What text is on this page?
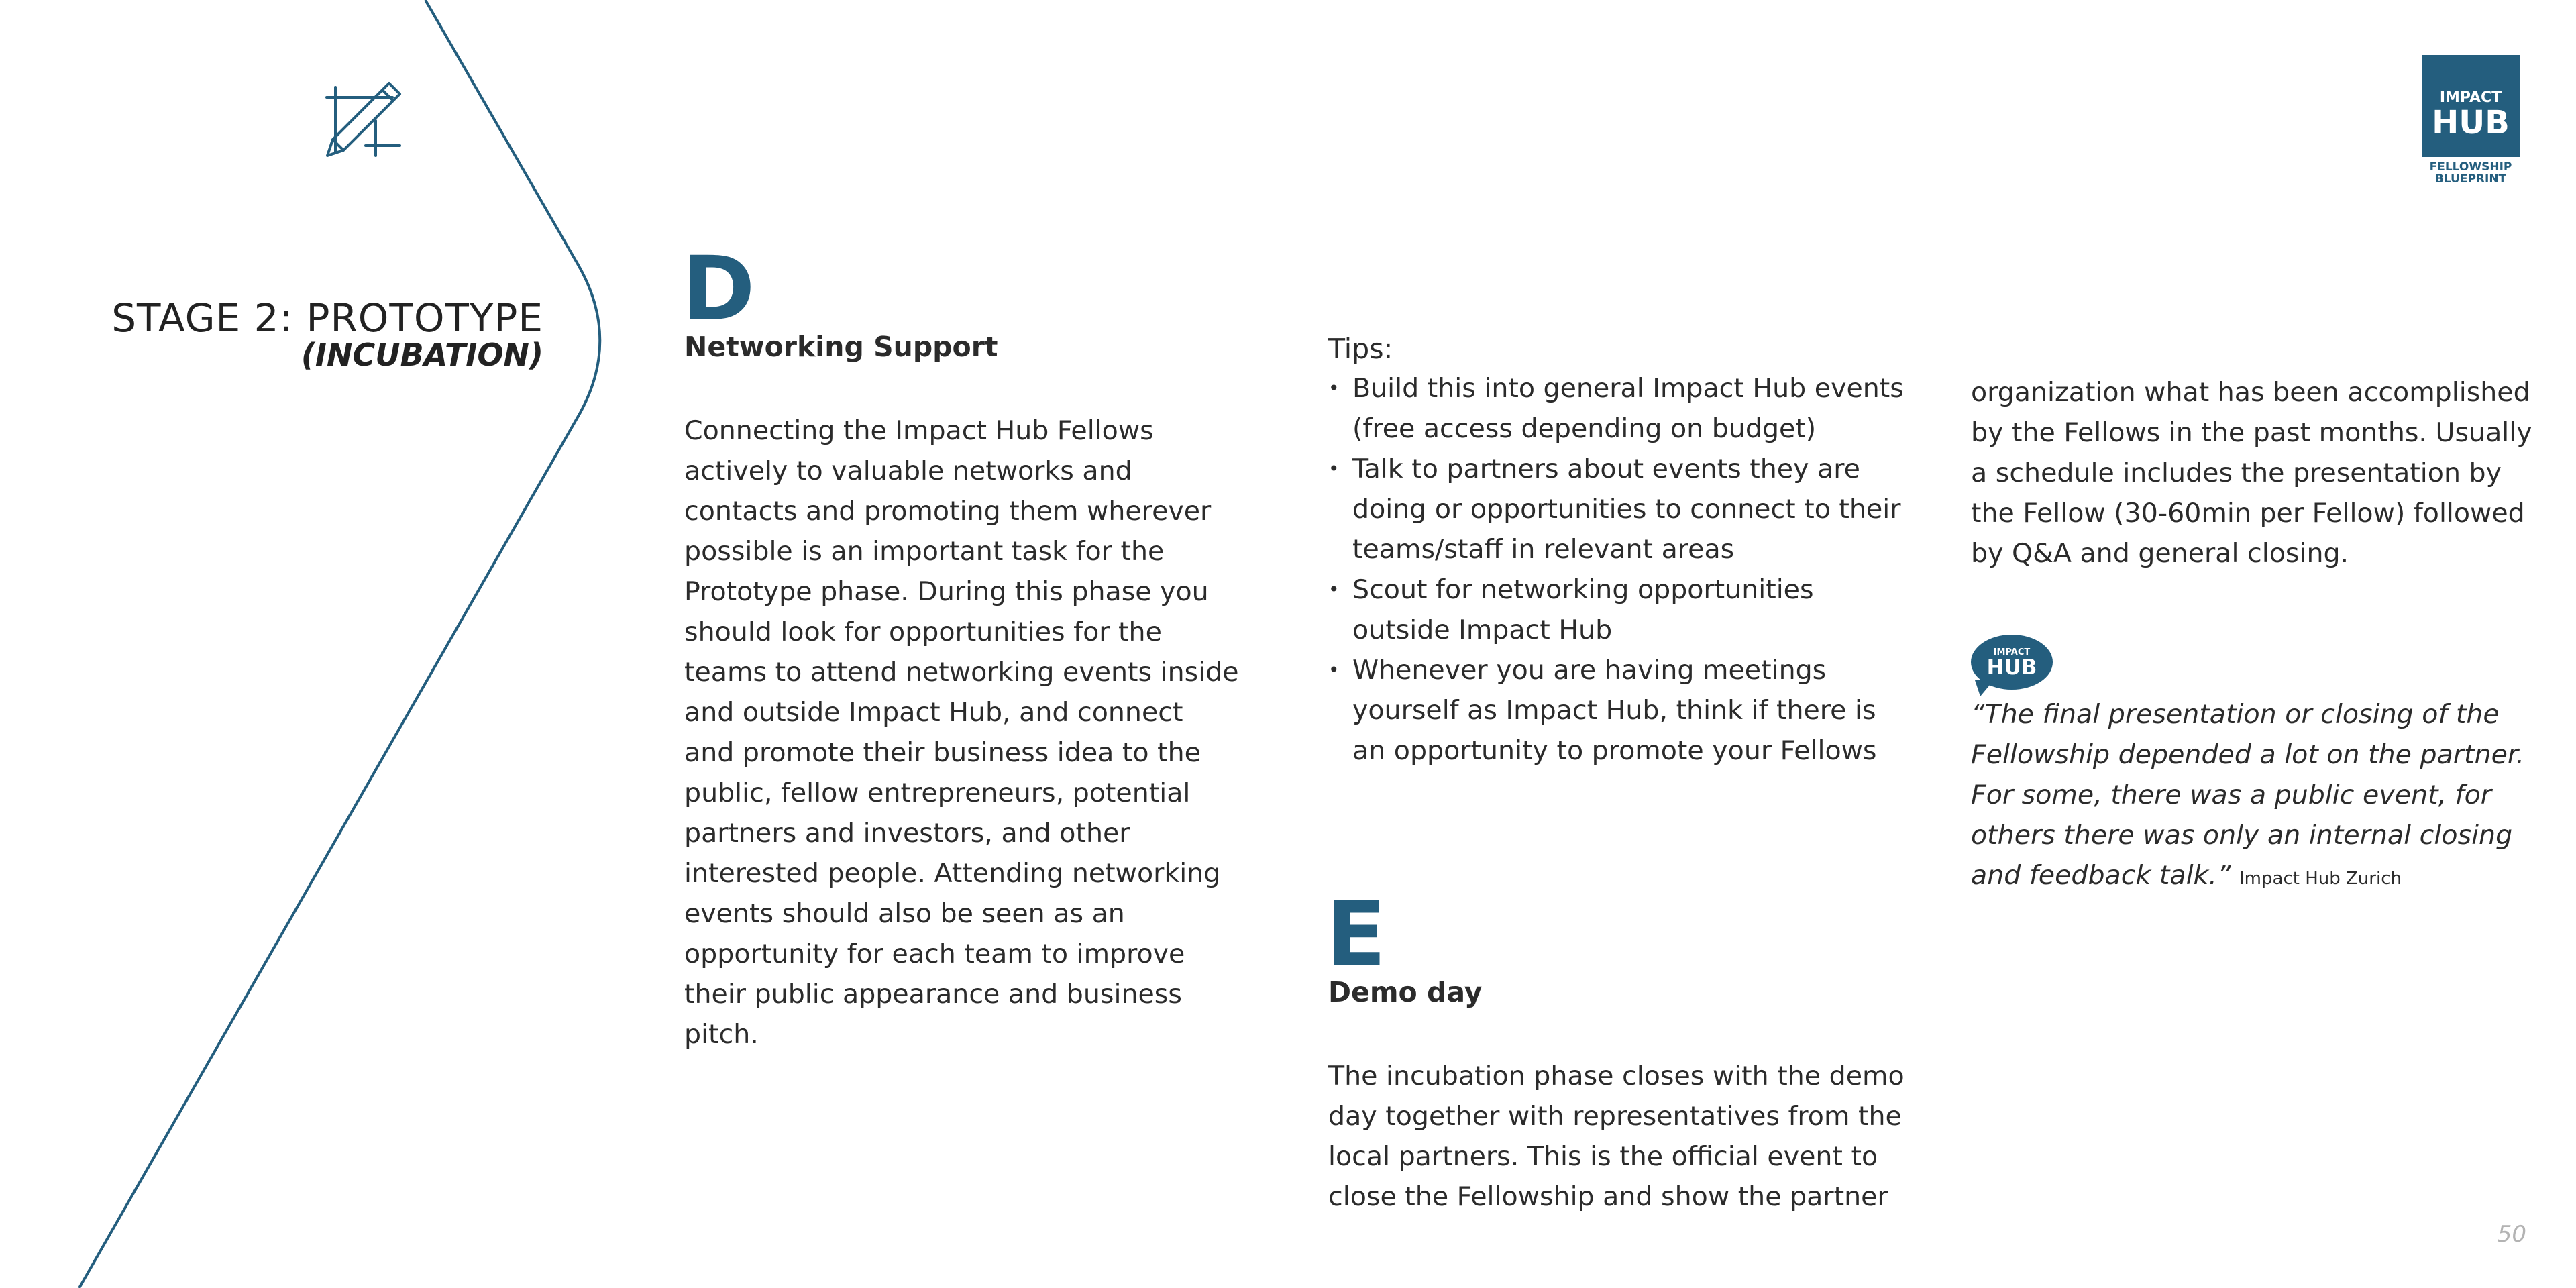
STAGE 2: PROTOTYPE
(INCUBATION)
IMPACT
HUB
FELLOWSHIP
BLUEPRINT
D
Networking Support

Connecting the Impact Hub Fellows actively to valuable networks and contacts and promoting them wherever possible is an important task for the Prototype phase. During this phase you should look for opportunities for the teams to attend networking events inside and outside Impact Hub, and connect and promote their business idea to the public, fellow entrepreneurs, potential partners and investors, and other interested people. Attending networking events should also be seen as an opportunity for each team to improve their public appearance and business pitch.

Tips:
• Build this into general Impact Hub events (free access depending on budget)
• Talk to partners about events they are doing or opportunities to connect to their teams/staff in relevant areas
• Scout for networking opportunities outside Impact Hub
• Whenever you are having meetings yourself as Impact Hub, think if there is an opportunity to promote your Fellows
E
Demo day

The incubation phase closes with the demo day together with representatives from the local partners. This is the official event to close the Fellowship and show the partner

organization what has been accomplished by the Fellows in the past months. Usually a schedule includes the presentation by the Fellow (30-60min per Fellow) followed by Q&A and general closing.

IMPACT
HUB
“The final presentation or closing of the Fellowship depended a lot on the partner. For some, there was a public event, for others there was only an internal closing and feedback talk.” Impact Hub Zurich
50
